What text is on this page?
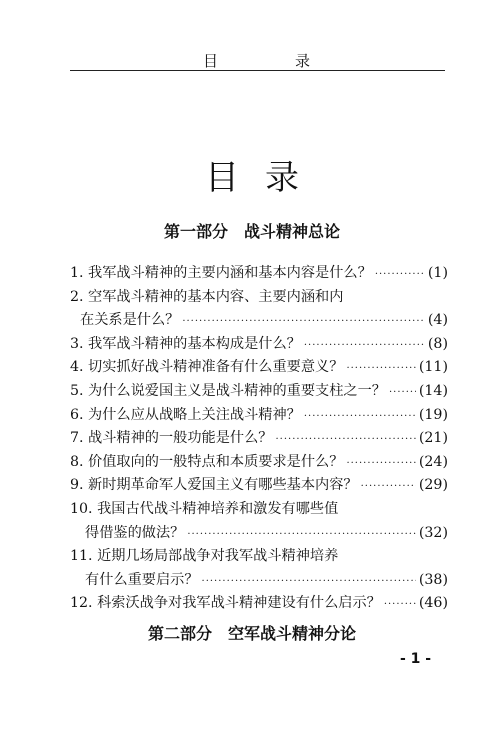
目	录
目录
第一部分 战斗精神总论
1. 我军战斗精神的主要内涵和基本内容是什么？ ·····	(1)
2. 空军战斗精神的基本内容、主要内涵和内
在关系是什么？ ·····	(4)
3. 我军战斗精神的基本构成是什么？ ·····	(8)
4. 切实抓好战斗精神准备有什么重要意义？ ·····	(11)
5. 为什么说爱国主义是战斗精神的重要支柱之一？ ····· (14)
6. 为什么应从战略上关注战斗精神？ ·····	(19)
7. 战斗精神的一般功能是什么？ ·····	(21)
8. 价值取向的一般特点和本质要求是什么？ ·····	(24)
9. 新时期革命军人爱国主义有哪些基本内容？ ·····	(29)
10. 我国古代战斗精神培养和激发有哪些值
得借鉴的做法？ ·····	(32)
11. 近期几场局部战争对我军战斗精神培养
有什么重要启示？ ·····	(38)
12. 科索沃战争对我军战斗精神建设有什么启示？ ·····	(46)
第二部分 空军战斗精神分论
- 1 -
